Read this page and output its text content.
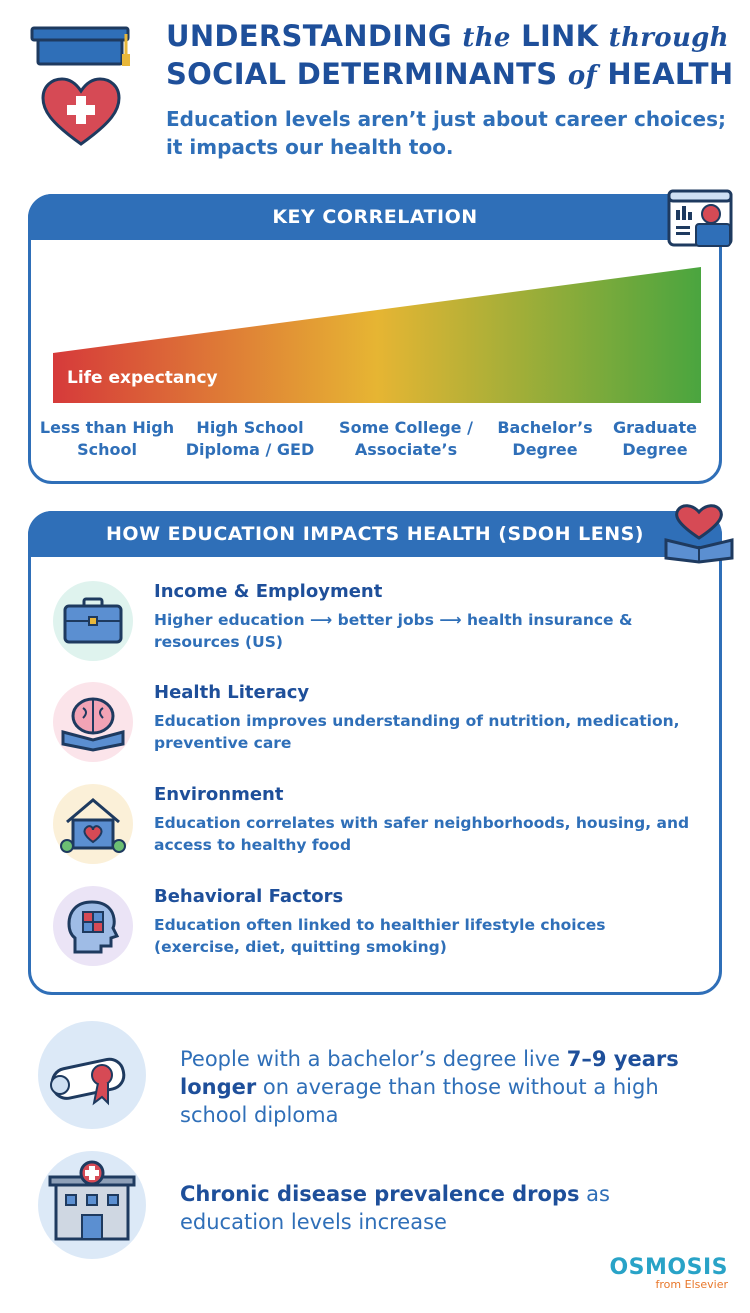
UNDERSTANDING the LINK through
SOCIAL DETERMINANTS of HEALTH
Education levels aren’t just about career choices; it impacts our health too.
KEY CORRELATION
Life expectancy
Less than High School
High School Diploma / GED
Some College / Associate’s
Bachelor’s Degree
Graduate Degree
HOW EDUCATION IMPACTS HEALTH (SDOH LENS)
Income & Employment
Higher education ⟶ better jobs ⟶ health insurance & resources (US)
Health Literacy
Education improves understanding of nutrition, medication, preventive care
Environment
Education correlates with safer neighborhoods, housing, and access to healthy food
Behavioral Factors
Education often linked to healthier lifestyle choices (exercise, diet, quitting smoking)
People with a bachelor’s degree live 7–9 years longer on average than those without a high school diploma
Chronic disease prevalence drops as education levels increase
OSMOSIS
from Elsevier
